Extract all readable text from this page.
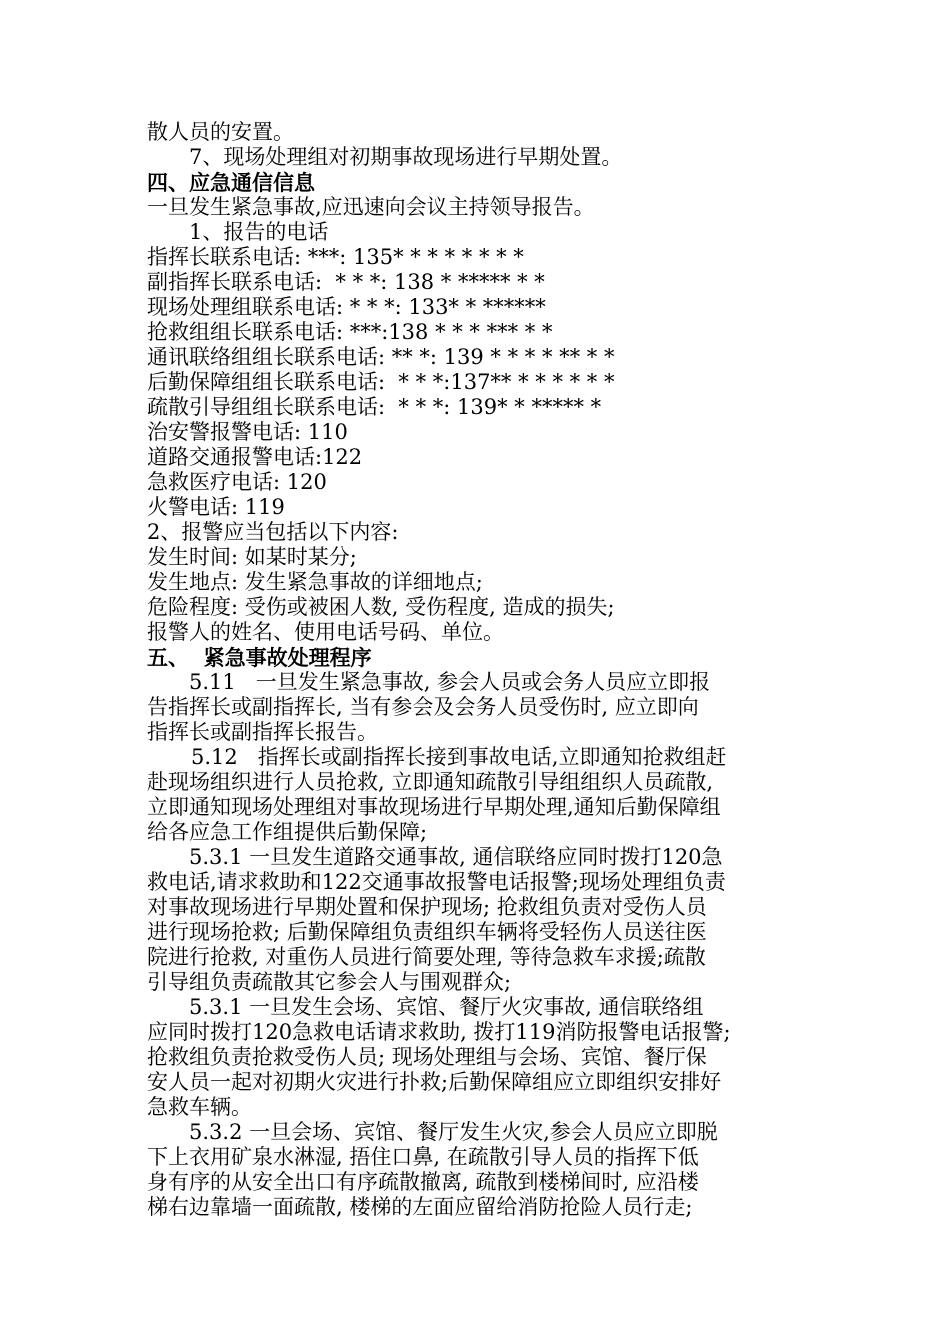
散人员的安置。
7、现场处理组对初期事故现场进行早期处置。
四、应急通信信息
一旦发生紧急事故,应迅速向会议主持领导报告。
1、报告的电话
指挥长联系电话: ***: 135* * * * * * * *
副指挥长联系电话:  * * *: 138 * ***** * *
现场处理组联系电话: * * *: 133* * ******
抢救组组长联系电话: ***:138 * * * *** * *
通讯联络组组长联系电话: ** *: 139 * * * * ** * *
后勤保障组组长联系电话:  * * *:137** * * * * * *
疏散引导组组长联系电话:  * * *: 139* * ***** *
治安警报警电话: 110
道路交通报警电话:122
急救医疗电话: 120
火警电话: 119
2、报警应当包括以下内容:
发生时间: 如某时某分;
发生地点: 发生紧急事故的详细地点;
危险程度: 受伤或被困人数, 受伤程度, 造成的损失;
报警人的姓名、使用电话号码、单位。
五、  紧急事故处理程序
5.11   一旦发生紧急事故, 参会人员或会务人员应立即报
告指挥长或副指挥长, 当有参会及会务人员受伤时, 应立即向
指挥长或副指挥长报告。
5.12   指挥长或副指挥长接到事故电话,立即通知抢救组赶
赴现场组织进行人员抢救, 立即通知疏散引导组组织人员疏散,
立即通知现场处理组对事故现场进行早期处理,通知后勤保障组
给各应急工作组提供后勤保障;
5.3.1 一旦发生道路交通事故, 通信联络应同时拨打120急
救电话,请求救助和122交通事故报警电话报警;现场处理组负责
对事故现场进行早期处置和保护现场; 抢救组负责对受伤人员
进行现场抢救; 后勤保障组负责组织车辆将受轻伤人员送往医
院进行抢救, 对重伤人员进行简要处理, 等待急救车求援;疏散
引导组负责疏散其它参会人与围观群众;
5.3.1 一旦发生会场、宾馆、餐厅火灾事故, 通信联络组
应同时拨打120急救电话请求救助, 拨打119消防报警电话报警;
抢救组负责抢救受伤人员; 现场处理组与会场、宾馆、餐厅保
安人员一起对初期火灾进行扑救;后勤保障组应立即组织安排好
急救车辆。
5.3.2 一旦会场、宾馆、餐厅发生火灾,参会人员应立即脱
下上衣用矿泉水淋湿, 捂住口鼻, 在疏散引导人员的指挥下低
身有序的从安全出口有序疏散撤离, 疏散到楼梯间时, 应沿楼
梯右边靠墙一面疏散, 楼梯的左面应留给消防抢险人员行走;
